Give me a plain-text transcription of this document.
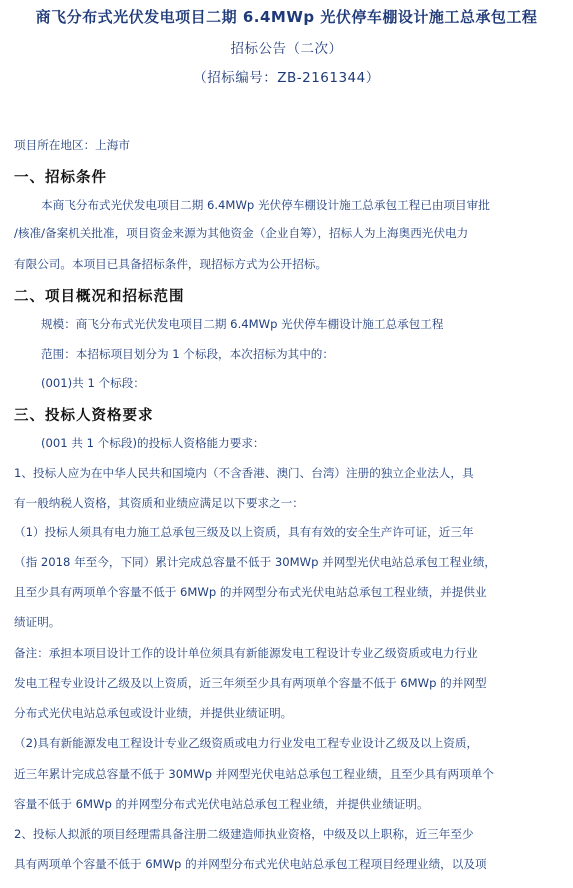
商飞分布式光伏发电项目二期 6.4MWp 光伏停车棚设计施工总承包工程
招标公告（二次）
（招标编号：ZB-2161344）
项目所在地区：上海市
一、招标条件
本商飞分布式光伏发电项目二期 6.4MWp 光伏停车棚设计施工总承包工程已由项目审批
/核准/备案机关批准，项目资金来源为其他资金（企业自筹），招标人为上海奥西光伏电力
有限公司。本项目已具备招标条件，现招标方式为公开招标。
二、项目概况和招标范围
规模：商飞分布式光伏发电项目二期 6.4MWp 光伏停车棚设计施工总承包工程
范围：本招标项目划分为 1 个标段，本次招标为其中的：
(001)共 1 个标段：
三、投标人资格要求
(001 共 1 个标段)的投标人资格能力要求：
1、投标人应为在中华人民共和国境内（不含香港、澳门、台湾）注册的独立企业法人，具
有一般纳税人资格，其资质和业绩应满足以下要求之一：
（1）投标人须具有电力施工总承包三级及以上资质，具有有效的安全生产许可证，近三年
（指 2018 年至今，下同）累计完成总容量不低于 30MWp 并网型光伏电站总承包工程业绩，
且至少具有两项单个容量不低于 6MWp 的并网型分布式光伏电站总承包工程业绩，并提供业
绩证明。
备注：承担本项目设计工作的设计单位须具有新能源发电工程设计专业乙级资质或电力行业
发电工程专业设计乙级及以上资质，近三年须至少具有两项单个容量不低于 6MWp 的并网型
分布式光伏电站总承包或设计业绩，并提供业绩证明。
（2)具有新能源发电工程设计专业乙级资质或电力行业发电工程专业设计乙级及以上资质，
近三年累计完成总容量不低于 30MWp 并网型光伏电站总承包工程业绩，且至少具有两项单个
容量不低于 6MWp 的并网型分布式光伏电站总承包工程业绩，并提供业绩证明。
2、投标人拟派的项目经理需具备注册二级建造师执业资格，中级及以上职称，近三年至少
具有两项单个容量不低于 6MWp 的并网型分布式光伏电站总承包工程项目经理业绩，以及项
